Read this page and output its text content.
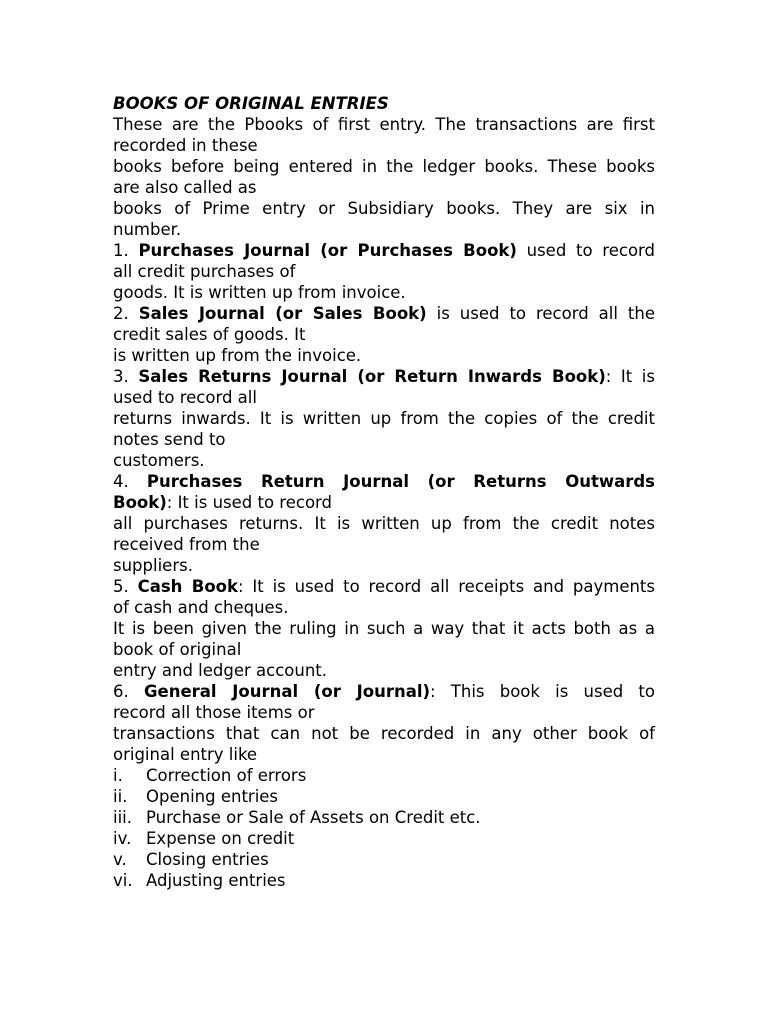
BOOKS OF ORIGINAL ENTRIES
These are the Pbooks of first entry. The transactions are first
recorded in these
books before being entered in the ledger books. These books
are also called as
books of Prime entry or Subsidiary books. They are six in
number.
1. Purchases Journal (or Purchases Book) used to record
all credit purchases of
goods. It is written up from invoice.
2. Sales Journal (or Sales Book) is used to record all the
credit sales of goods. It
is written up from the invoice.
3. Sales Returns Journal (or Return Inwards Book): It is
used to record all
returns inwards. It is written up from the copies of the credit
notes send to
customers.
4. Purchases Return Journal (or Returns Outwards
Book): It is used to record
all purchases returns. It is written up from the credit notes
received from the
suppliers.
5. Cash Book: It is used to record all receipts and payments
of cash and cheques.
It is been given the ruling in such a way that it acts both as a
book of original
entry and ledger account.
6. General Journal (or Journal): This book is used to
record all those items or
transactions that can not be recorded in any other book of
original entry like
i. Correction of errors
ii. Opening entries
iii. Purchase or Sale of Assets on Credit etc.
iv. Expense on credit
v. Closing entries
vi. Adjusting entries
